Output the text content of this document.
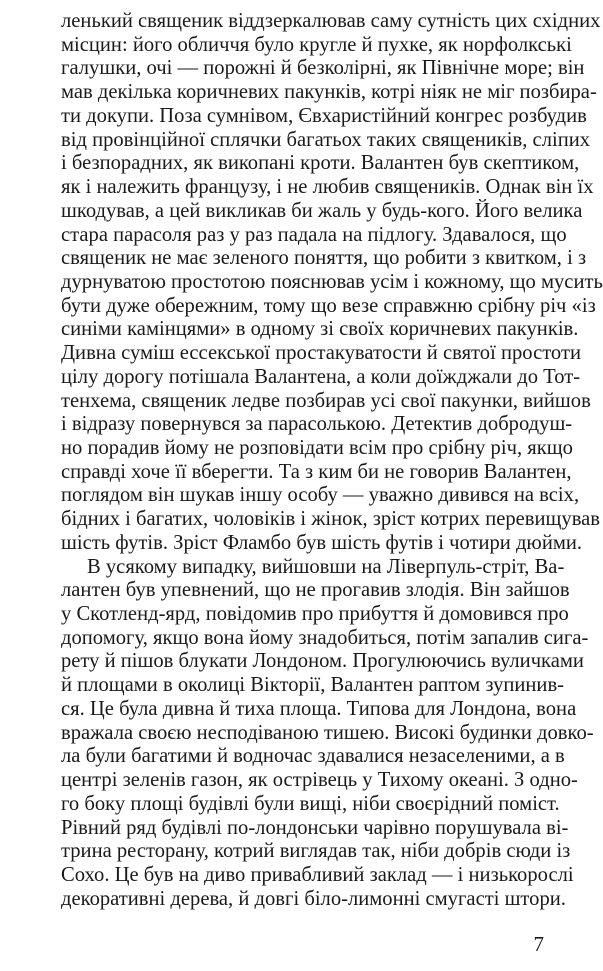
ленький священик віддзеркалював саму сутність цих східних
місцин: його обличчя було кругле й пухке, як норфолкські
галушки, очі — порожні й безколірні, як Північне море; він
мав декілька коричневих пакунків, котрі ніяк не міг позбира-
ти докупи. Поза сумнівом, Євхаристійний конгрес розбудив
від провінційної сплячки багатьох таких священиків, сліпих
і безпорадних, як викопані кроти. Валантен був скептиком,
як і належить французу, і не любив священиків. Однак він їх
шкодував, а цей викликав би жаль у будь-кого. Його велика
стара парасоля раз у раз падала на підлогу. Здавалося, що
священик не має зеленого поняття, що робити з квитком, і з
дурнуватою простотою пояснював усім і кожному, що мусить
бути дуже обережним, тому що везе справжню срібну річ «із
синіми камінцями» в одному зі своїх коричневих пакунків.
Дивна суміш ессекської простакуватости й святої простоти
цілу дорогу потішала Валантена, а коли доїжджали до Тот-
тенхема, священик ледве позбирав усі свої пакунки, вийшов
і відразу повернувся за парасолькою. Детектив добродуш-
но порадив йому не розповідати всім про срібну річ, якщо
справді хоче її вберегти. Та з ким би не говорив Валантен,
поглядом він шукав іншу особу — уважно дивився на всіх,
бідних і багатих, чоловіків і жінок, зріст котрих перевищував
шість футів. Зріст Фламбо був шість футів і чотири дюйми.
В усякому випадку, вийшовши на Ліверпуль-стріт, Ва-
лантен був упевнений, що не прогавив злодія. Він зайшов
у Скотленд-ярд, повідомив про прибуття й домовився про
допомогу, якщо вона йому знадобиться, потім запалив сига-
рету й пішов блукати Лондоном. Прогулюючись вуличками
й площами в околиці Вікторії, Валантен раптом зупинив-
ся. Це була дивна й тиха площа. Типова для Лондона, вона
вражала своєю несподіваною тишею. Високі будинки довко-
ла були багатими й водночас здавалися незаселеними, а в
центрі зеленів газон, як острівець у Тихому океані. З одно-
го боку площі будівлі були вищі, ніби своєрідний поміст.
Рівний ряд будівлі по-лондонськи чарівно порушувала ві-
трина ресторану, котрий виглядав так, ніби добрів сюди із
Сохо. Це був на диво привабливий заклад — і низькорослі
декоративні дерева, й довгі біло-лимонні смугасті штори.
7
